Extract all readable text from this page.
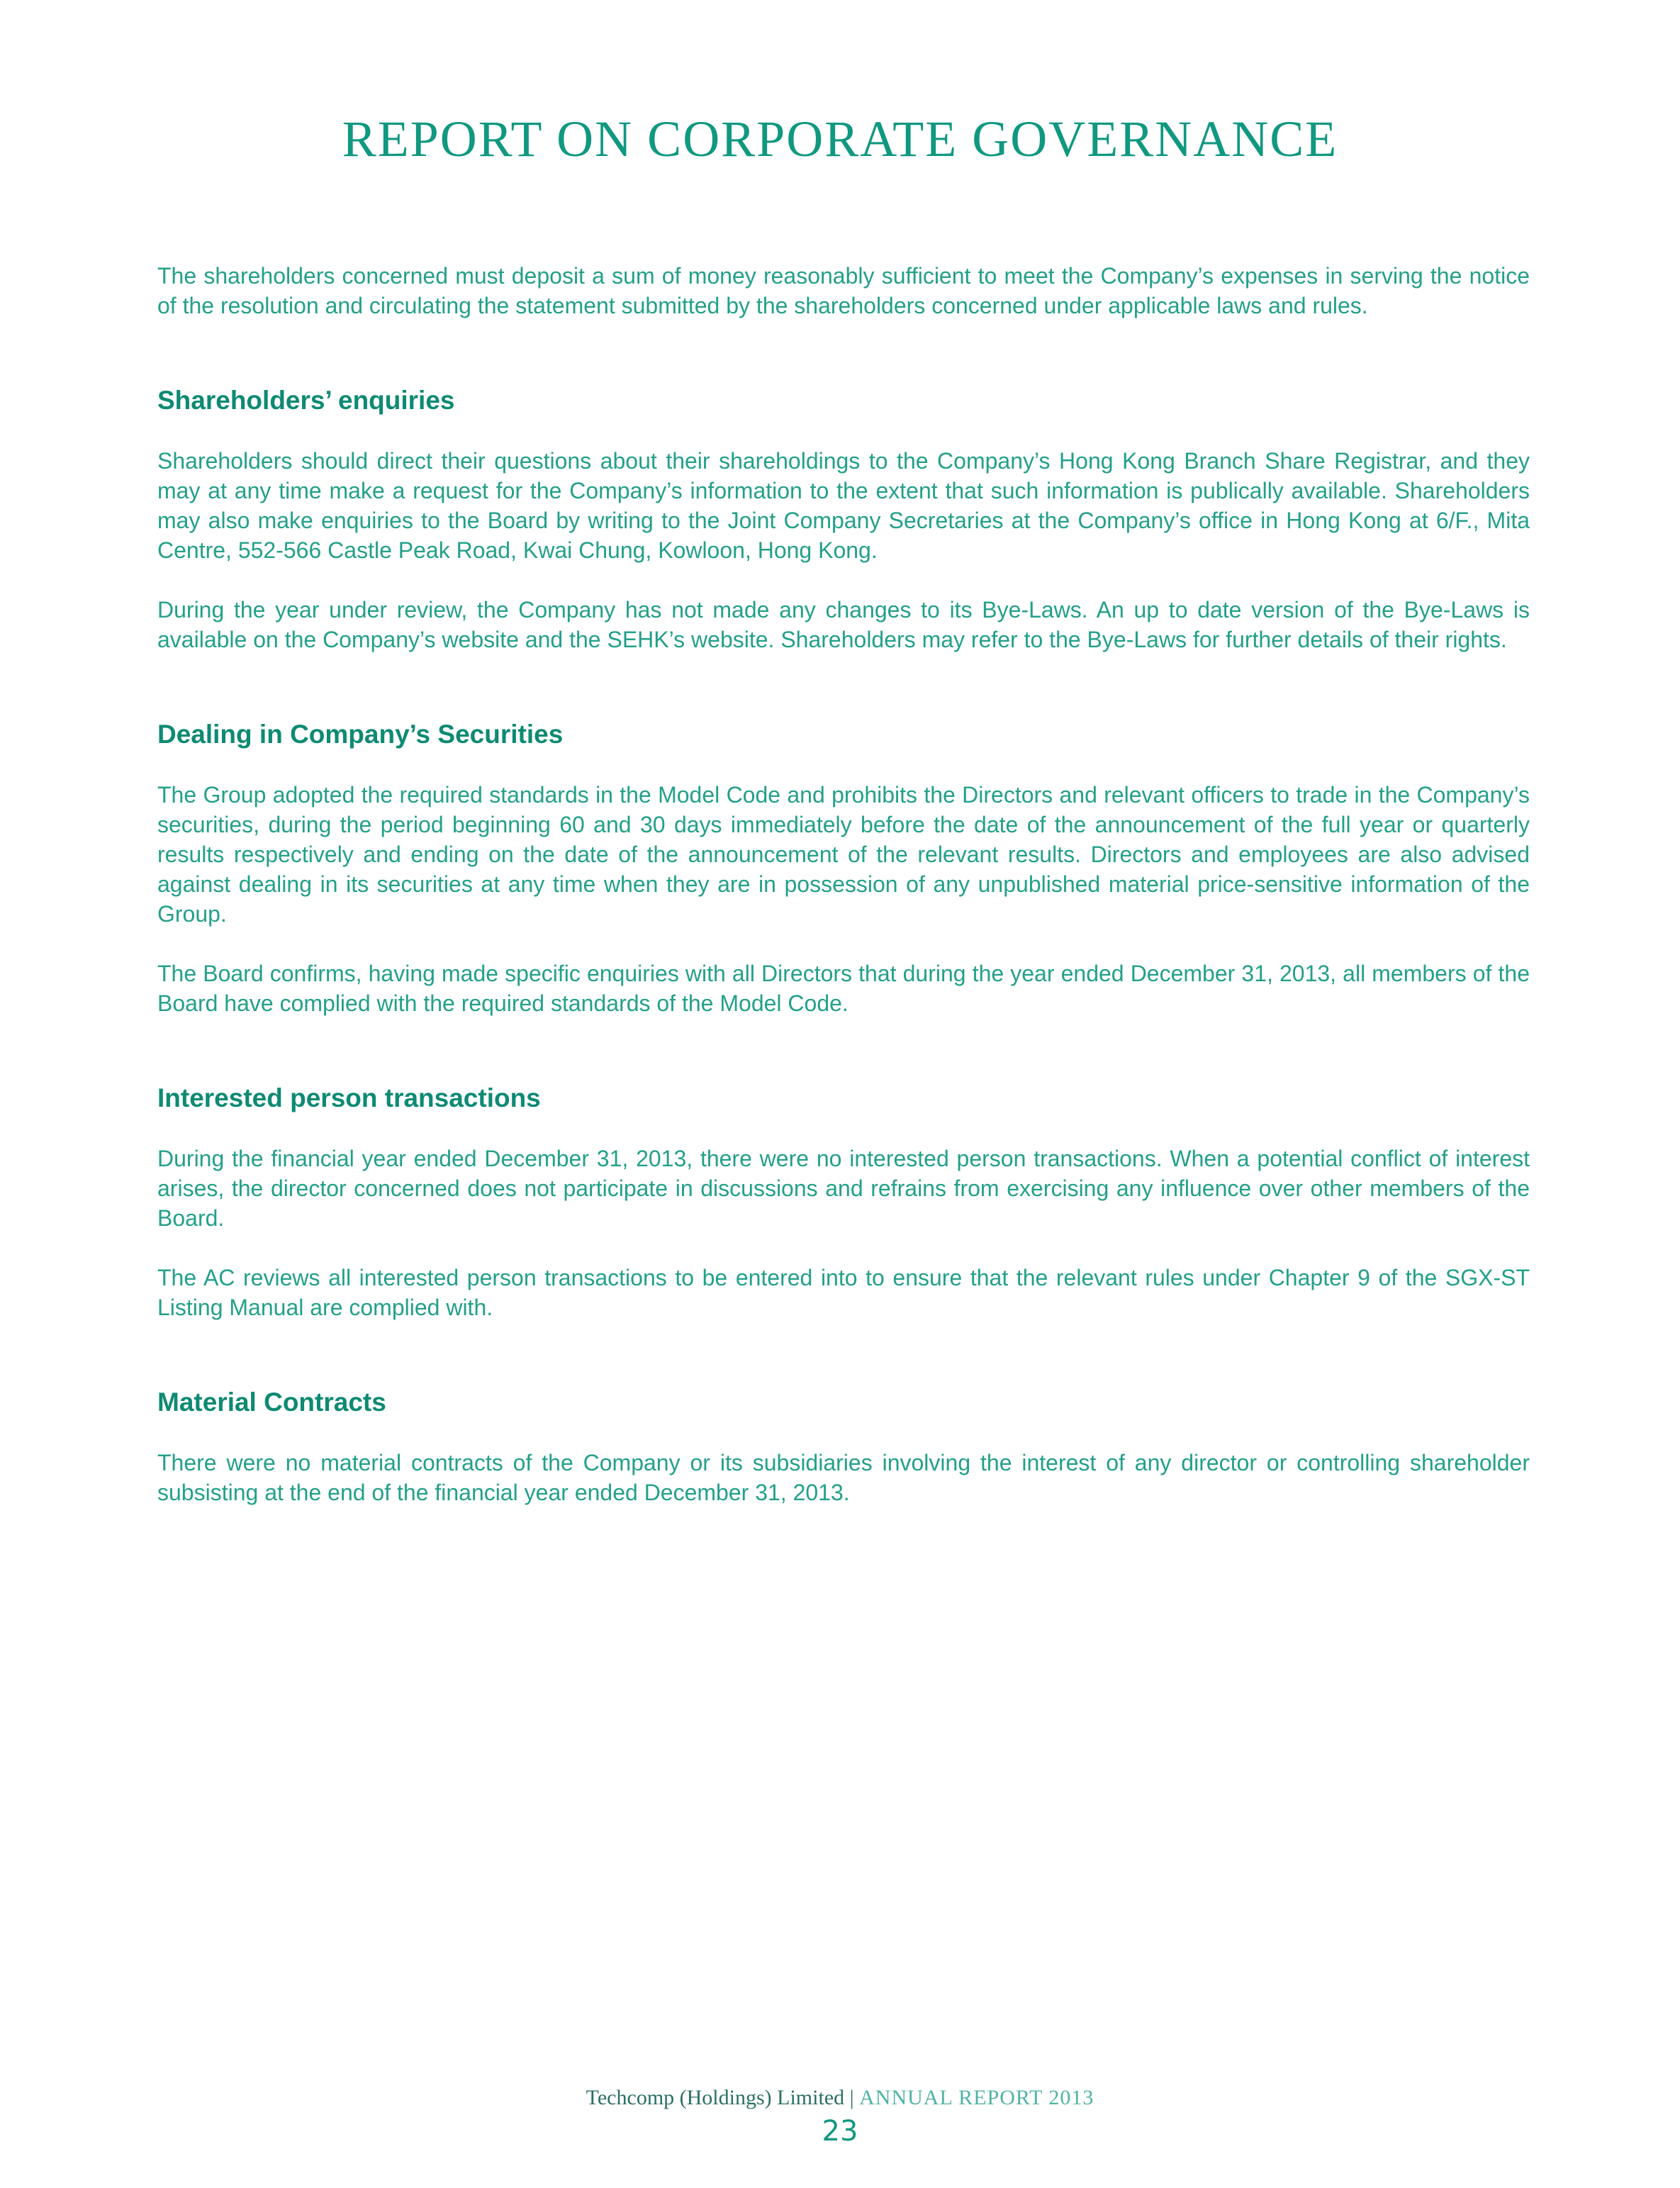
REPORT ON CORPORATE GOVERNANCE

The shareholders concerned must deposit a sum of money reasonably sufficient to meet the Company’s expenses in serving the notice of the resolution and circulating the statement submitted by the shareholders concerned under applicable laws and rules.

Shareholders’ enquiries

Shareholders should direct their questions about their shareholdings to the Company’s Hong Kong Branch Share Registrar, and they may at any time make a request for the Company’s information to the extent that such information is publically available. Shareholders may also make enquiries to the Board by writing to the Joint Company Secretaries at the Company’s office in Hong Kong at 6/F., Mita Centre, 552-566 Castle Peak Road, Kwai Chung, Kowloon, Hong Kong.

During the year under review, the Company has not made any changes to its Bye-Laws. An up to date version of the Bye-Laws is available on the Company’s website and the SEHK’s website. Shareholders may refer to the Bye-Laws for further details of their rights.

Dealing in Company’s Securities

The Group adopted the required standards in the Model Code and prohibits the Directors and relevant officers to trade in the Company’s securities, during the period beginning 60 and 30 days immediately before the date of the announcement of the full year or quarterly results respectively and ending on the date of the announcement of the relevant results. Directors and employees are also advised against dealing in its securities at any time when they are in possession of any unpublished material price-sensitive information of the Group.

The Board confirms, having made specific enquiries with all Directors that during the year ended December 31, 2013, all members of the Board have complied with the required standards of the Model Code.

Interested person transactions

During the financial year ended December 31, 2013, there were no interested person transactions. When a potential conflict of interest arises, the director concerned does not participate in discussions and refrains from exercising any influence over other members of the Board.

The AC reviews all interested person transactions to be entered into to ensure that the relevant rules under Chapter 9 of the SGX-ST Listing Manual are complied with.

Material Contracts

There were no material contracts of the Company or its subsidiaries involving the interest of any director or controlling shareholder subsisting at the end of the financial year ended December 31, 2013.

Techcomp (Holdings) Limited | ANNUAL REPORT 2013
23
